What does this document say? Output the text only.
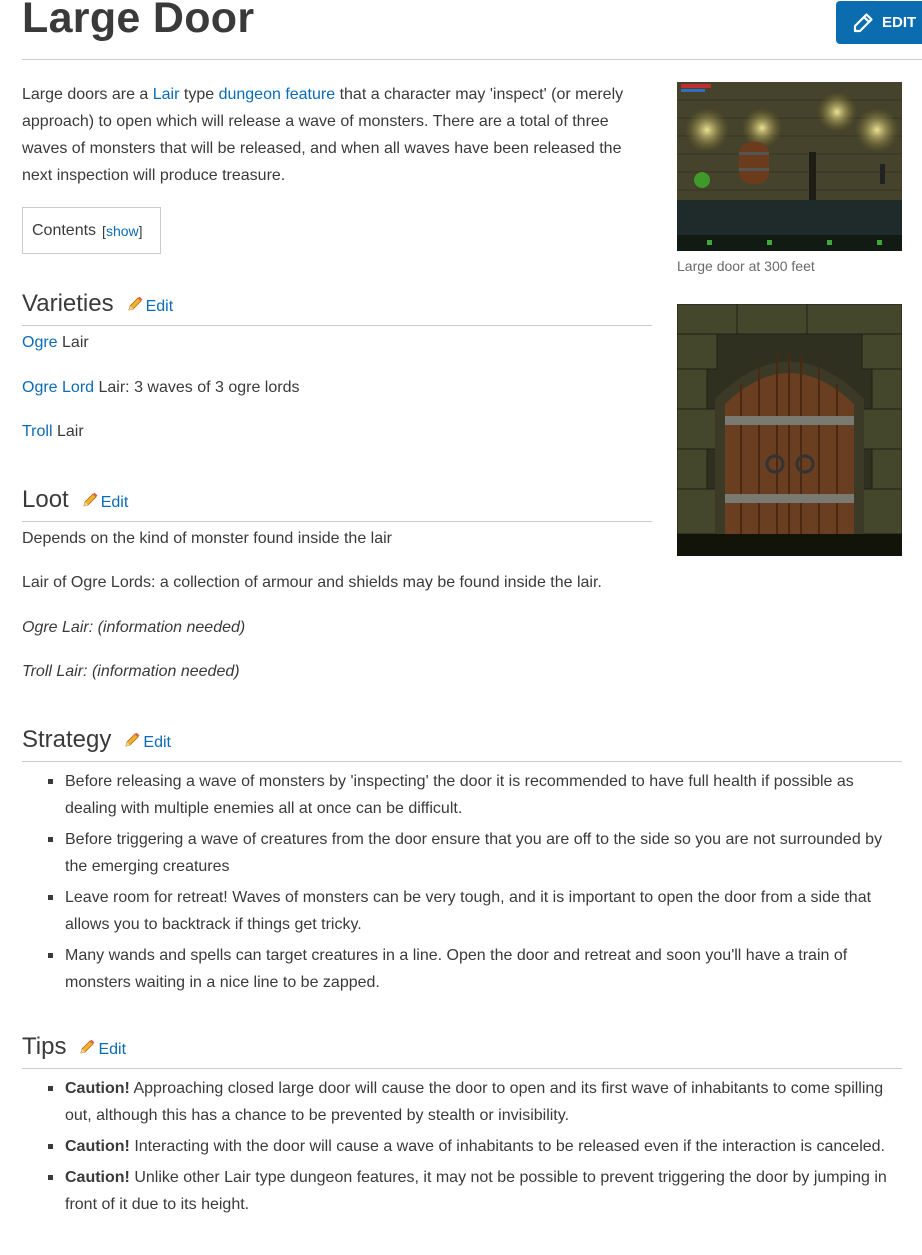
Large Door	EDIT

Large doors are a Lair type dungeon feature that a character may 'inspect' (or merely approach) to open which will release a wave of monsters. There are a total of three waves of monsters that will be released, and when all waves have been released the next inspection will produce treasure.

Contents [show]
Varieties Edit

Ogre Lair

Ogre Lord Lair: 3 waves of 3 ogre lords

Troll Lair

Loot Edit

Depends on the kind of monster found inside the lair

Lair of Ogre Lords: a collection of armour and shields may be found inside the lair.

Ogre Lair: (information needed)

Troll Lair: (information needed)

Strategy Edit
Before releasing a wave of monsters by 'inspecting' the door it is recommended to have full health if possible as dealing with multiple enemies all at once can be difficult.
Before triggering a wave of creatures from the door ensure that you are off to the side so you are not surrounded by the emerging creatures
Leave room for retreat! Waves of monsters can be very tough, and it is important to open the door from a side that allows you to backtrack if things get tricky.
Many wands and spells can target creatures in a line. Open the door and retreat and soon you'll have a train of monsters waiting in a nice line to be zapped.
Tips Edit
Caution! Approaching closed large door will cause the door to open and its first wave of inhabitants to come spilling out, although this has a chance to be prevented by stealth or invisibility.
Caution! Interacting with the door will cause a wave of inhabitants to be released even if the interaction is canceled.
Caution! Unlike other Lair type dungeon features, it may not be possible to prevent triggering the door by jumping in front of it due to its height.
Large door at 300 feet
